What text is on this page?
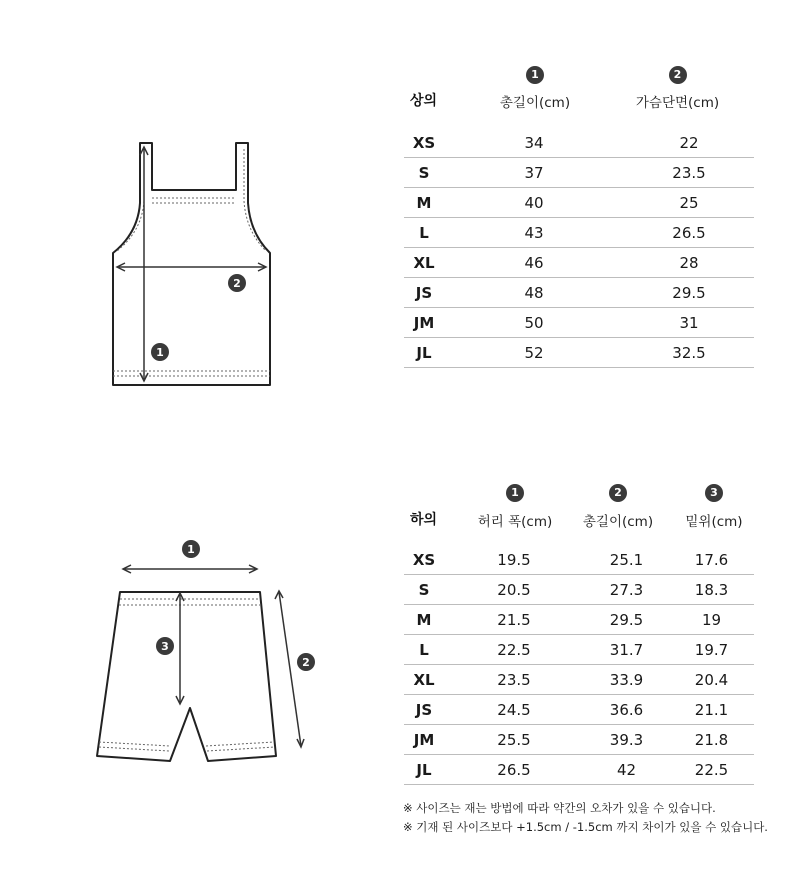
2
1
상의
1	2
총길이(cm)	가슴단면(cm)
XS	34	22
S	37	23.5
M	40	25
L	43	26.5
XL	46	28
JS	48	29.5
JM	50	31
JL	52	32.5
1
3
2
하의
1	2	3
허리 폭(cm)	총길이(cm)	밑위(cm)
XS	19.5	25.1	17.6
S	20.5	27.3	18.3
M	21.5	29.5	19
L	22.5	31.7	19.7
XL	23.5	33.9	20.4
JS	24.5	36.6	21.1
JM	25.5	39.3	21.8
JL	26.5	42	22.5
※ 사이즈는 재는 방법에 따라 약간의 오차가 있을 수 있습니다.
※ 기재 된 사이즈보다 +1.5cm / -1.5cm 까지 차이가 있을 수 있습니다.
